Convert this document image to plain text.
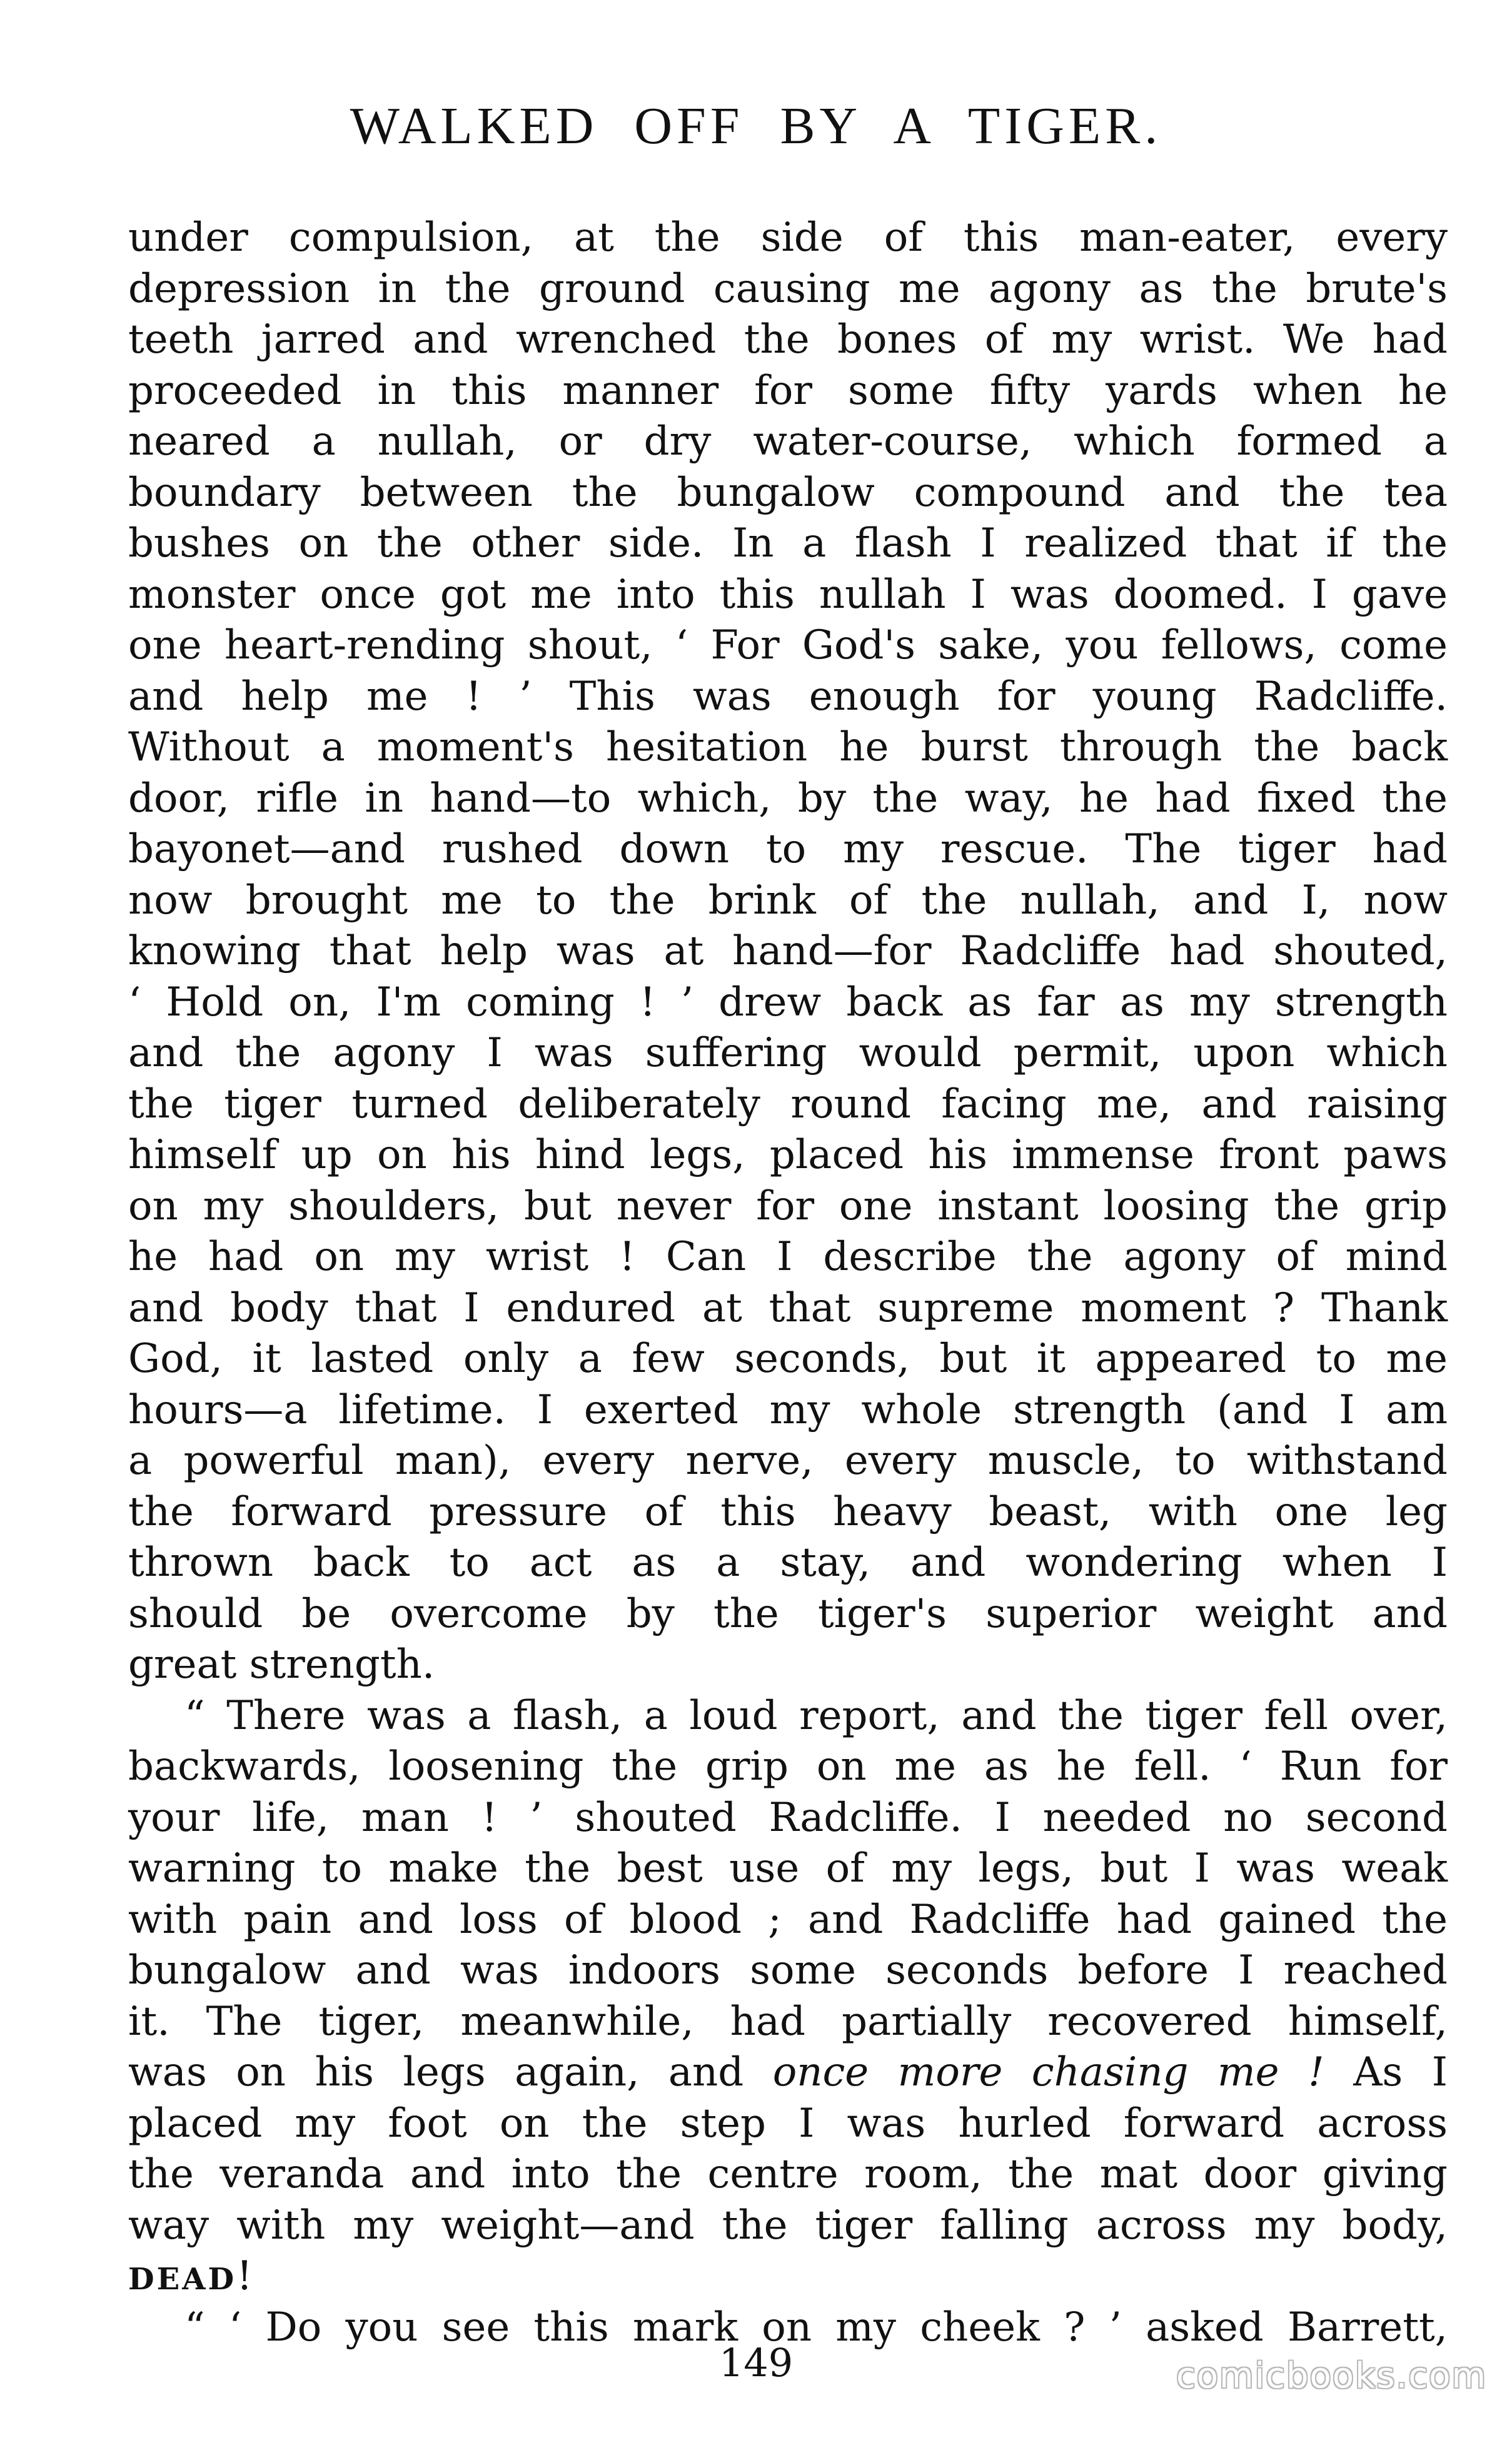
WALKED OFF BY A TIGER.
under compulsion, at the side of this man-eater, every
depression in the ground causing me agony as the brute's
teeth jarred and wrenched the bones of my wrist. We had
proceeded in this manner for some fifty yards when he
neared a nullah, or dry water-course, which formed a
boundary between the bungalow compound and the tea
bushes on the other side. In a flash I realized that if the
monster once got me into this nullah I was doomed. I gave
one heart-rending shout, ‘ For God's sake, you fellows, come
and help me ! ’ This was enough for young Radcliffe.
Without a moment's hesitation he burst through the back
door, rifle in hand—to which, by the way, he had fixed the
bayonet—and rushed down to my rescue. The tiger had
now brought me to the brink of the nullah, and I, now
knowing that help was at hand—for Radcliffe had shouted,
‘ Hold on, I'm coming ! ’ drew back as far as my strength
and the agony I was suffering would permit, upon which
the tiger turned deliberately round facing me, and raising
himself up on his hind legs, placed his immense front paws
on my shoulders, but never for one instant loosing the grip
he had on my wrist ! Can I describe the agony of mind
and body that I endured at that supreme moment ? Thank
God, it lasted only a few seconds, but it appeared to me
hours—a lifetime. I exerted my whole strength (and I am
a powerful man), every nerve, every muscle, to withstand
the forward pressure of this heavy beast, with one leg
thrown back to act as a stay, and wondering when I
should be overcome by the tiger's superior weight and
great strength.
“ There was a flash, a loud report, and the tiger fell over,
backwards, loosening the grip on me as he fell. ‘ Run for
your life, man ! ’ shouted Radcliffe. I needed no second
warning to make the best use of my legs, but I was weak
with pain and loss of blood ; and Radcliffe had gained the
bungalow and was indoors some seconds before I reached
it. The tiger, meanwhile, had partially recovered himself,
was on his legs again, and once more chasing me ! As I
placed my foot on the step I was hurled forward across
the veranda and into the centre room, the mat door giving
way with my weight—and the tiger falling across my body,
DEAD!
“ ‘ Do you see this mark on my cheek ? ’ asked Barrett,
149	comicbooks.com
